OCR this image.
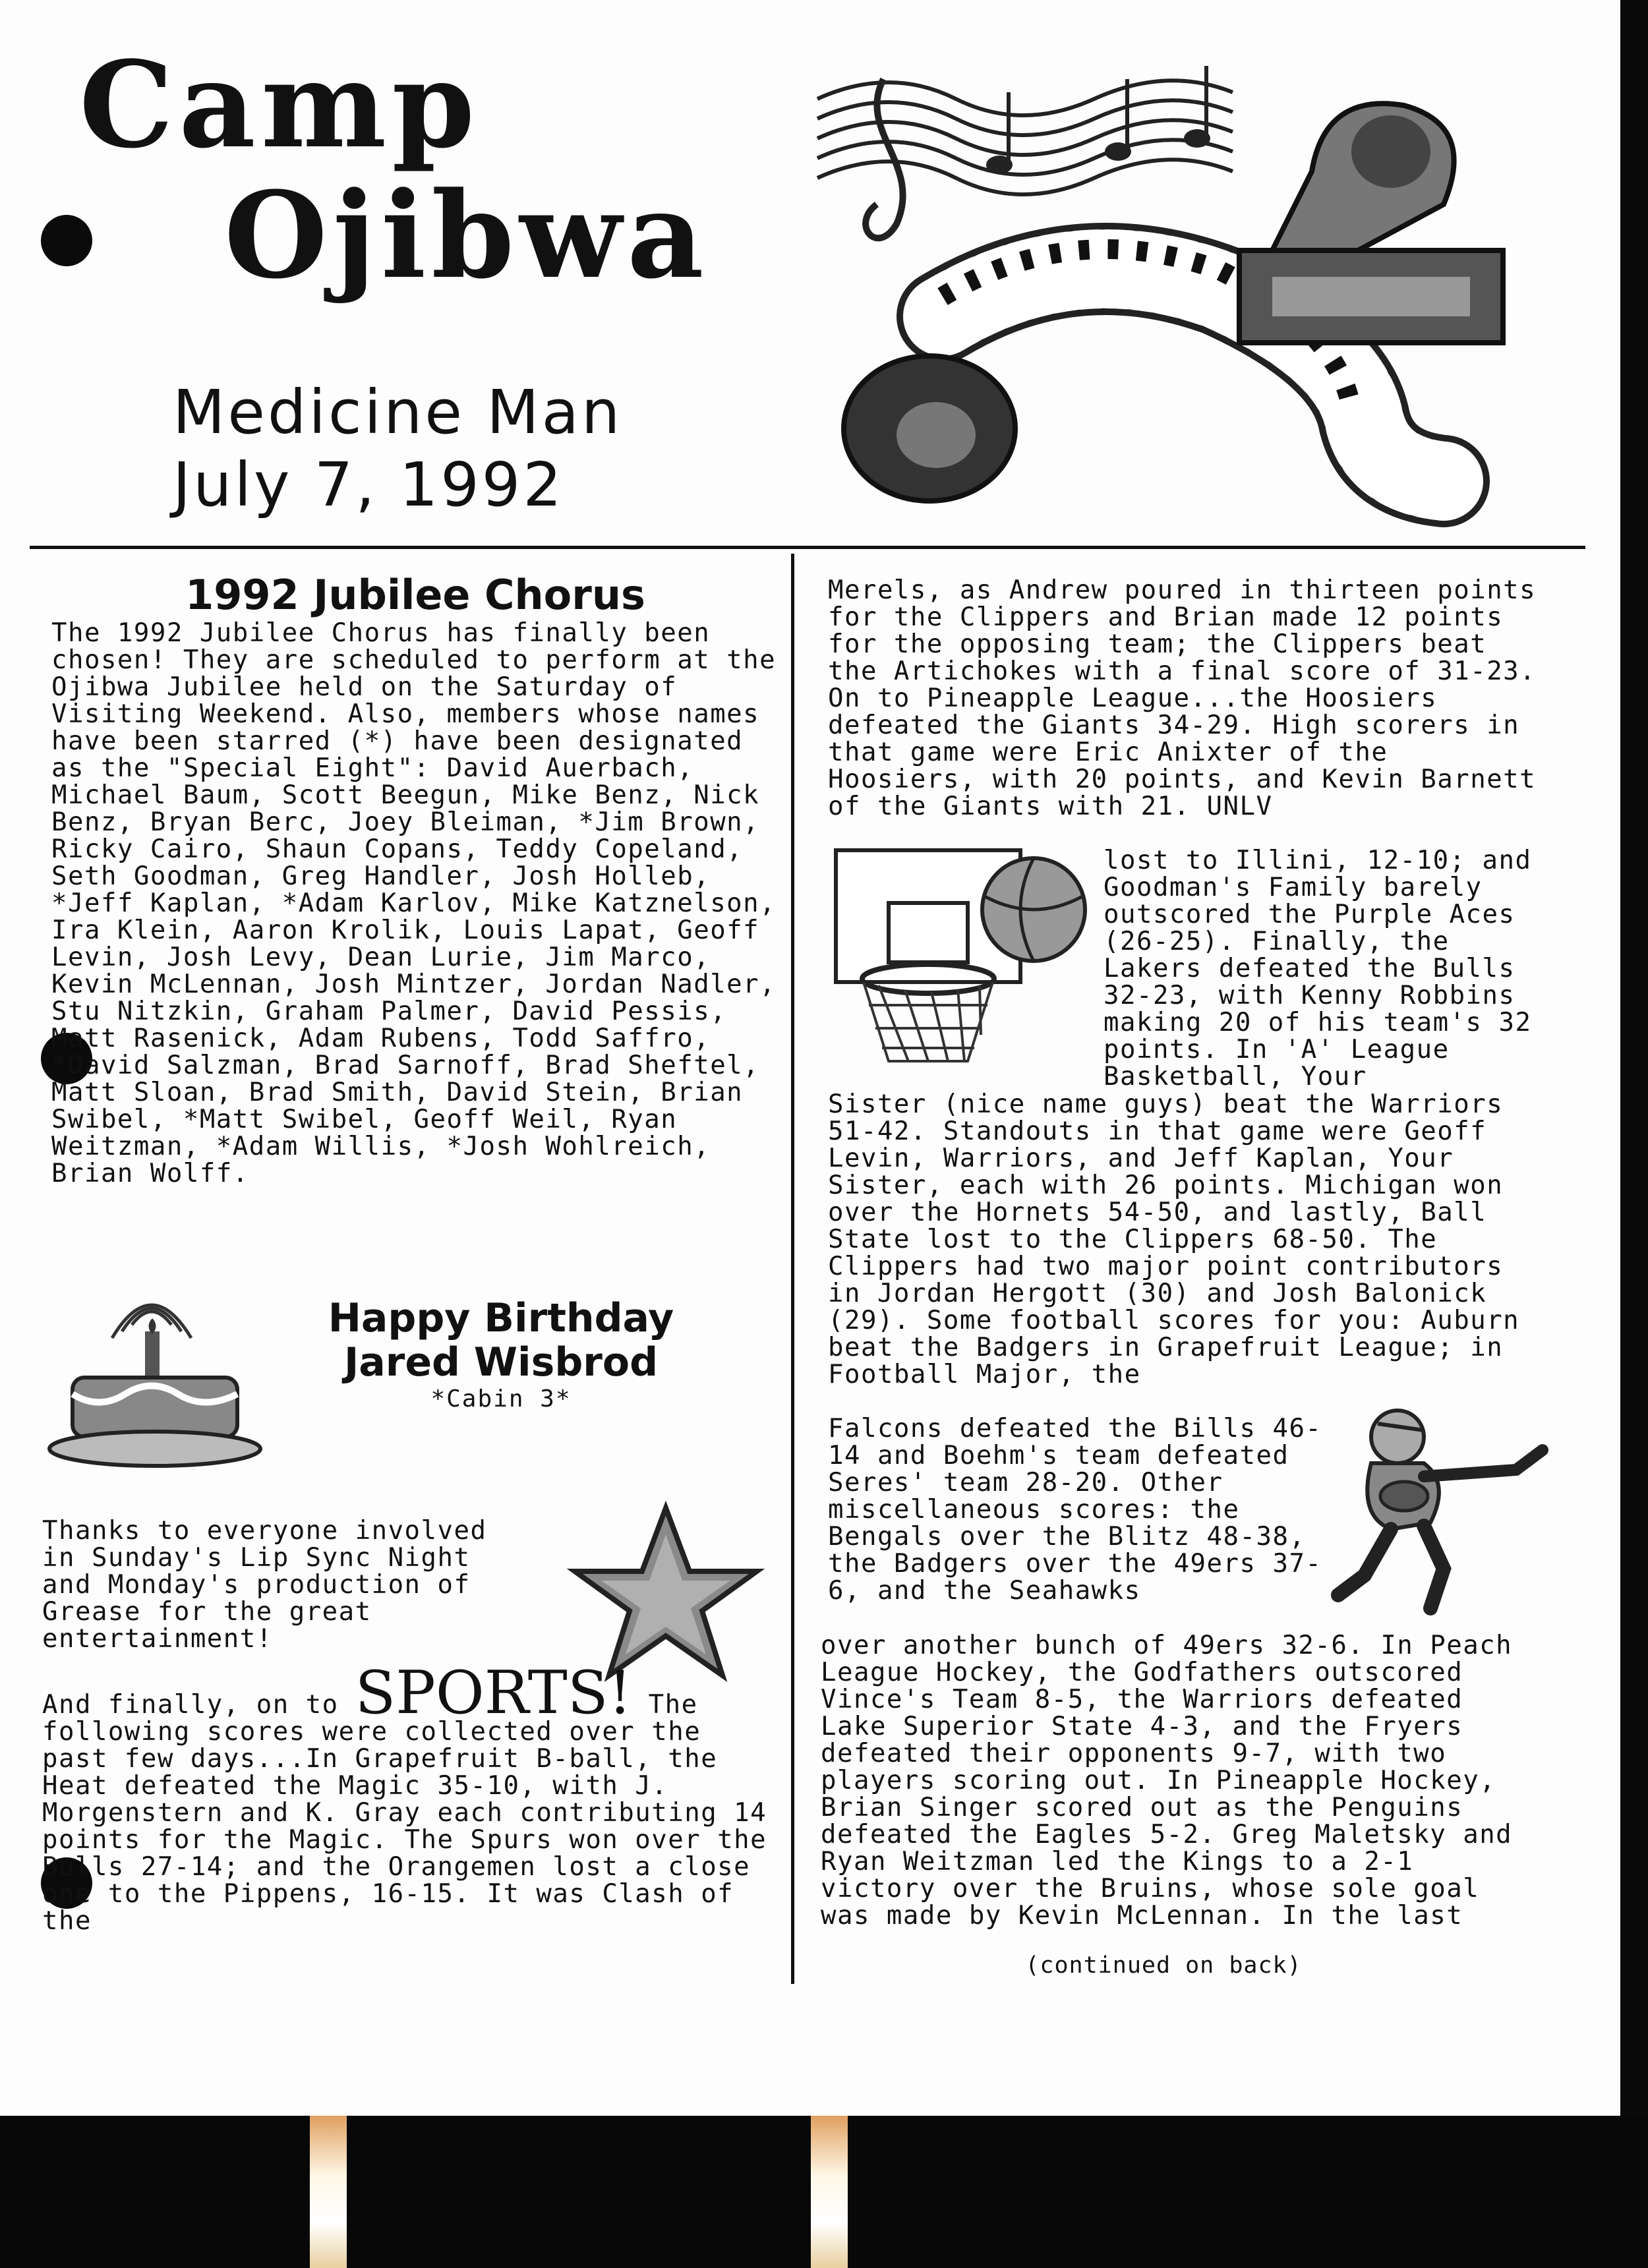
Camp
Ojibwa
Medicine Man
July 7, 1992
1992 Jubilee Chorus
The 1992 Jubilee Chorus has finally been chosen! They are scheduled to perform at the Ojibwa Jubilee held on the Saturday of Visiting Weekend. Also, members whose names have been starred (*) have been designated as the "Special Eight": David Auerbach, Michael Baum, Scott Beegun, Mike Benz, Nick Benz, Bryan Berc, Joey Bleiman, *Jim Brown, Ricky Cairo, Shaun Copans, Teddy Copeland, Seth Goodman, Greg Handler, Josh Holleb, *Jeff Kaplan, *Adam Karlov, Mike Katznelson, Ira Klein, Aaron Krolik, Louis Lapat, Geoff Levin, Josh Levy, Dean Lurie, Jim Marco, Kevin McLennan, Josh Mintzer, Jordan Nadler, Stu Nitzkin, Graham Palmer, David Pessis, Matt Rasenick, Adam Rubens, Todd Saffro, *David Salzman, Brad Sarnoff, Brad Sheftel, Matt Sloan, Brad Smith, David Stein, Brian Swibel, *Matt Swibel, Geoff Weil, Ryan Weitzman, *Adam Willis, *Josh Wohlreich, Brian Wolff.
Happy Birthday
Jared Wisbrod
*Cabin 3*
Thanks to everyone involved in Sunday's Lip Sync Night and Monday's production of Grease for the great entertainment!
And finally, on to SPORTS! The following scores were collected over the past few days...In Grapefruit B-ball, the Heat defeated the Magic 35-10, with J. Morgenstern and K. Gray each contributing 14 points for the Magic. The Spurs won over the Bulls 27-14; and the Orangemen lost a close one to the Pippens, 16-15. It was Clash of the
Merels, as Andrew poured in thirteen points for the Clippers and Brian made 12 points for the opposing team; the Clippers beat the Artichokes with a final score of 31-23. On to Pineapple League...the Hoosiers defeated the Giants 34-29. High scorers in that game were Eric Anixter of the Hoosiers, with 20 points, and Kevin Barnett of the Giants with 21. UNLV
lost to Illini, 12-10; and Goodman's Family barely outscored the Purple Aces (26-25). Finally, the Lakers defeated the Bulls 32-23, with Kenny Robbins making 20 of his team's 32 points. In 'A' League Basketball, Your
Sister (nice name guys) beat the Warriors 51-42. Standouts in that game were Geoff Levin, Warriors, and Jeff Kaplan, Your Sister, each with 26 points. Michigan won over the Hornets 54-50, and lastly, Ball State lost to the Clippers 68-50. The Clippers had two major point contributors in Jordan Hergott (30) and Josh Balonick (29). Some football scores for you: Auburn beat the Badgers in Grapefruit League; in Football Major, the
Falcons defeated the Bills 46-14 and Boehm's team defeated Seres' team 28-20. Other miscellaneous scores: the Bengals over the Blitz 48-38, the Badgers over the 49ers 37-6, and the Seahawks
over another bunch of 49ers 32-6. In Peach League Hockey, the Godfathers outscored Vince's Team 8-5, the Warriors defeated Lake Superior State 4-3, and the Fryers defeated their opponents 9-7, with two players scoring out. In Pineapple Hockey, Brian Singer scored out as the Penguins defeated the Eagles 5-2. Greg Maletsky and Ryan Weitzman led the Kings to a 2-1 victory over the Bruins, whose sole goal was made by Kevin McLennan. In the last
(continued on back)
